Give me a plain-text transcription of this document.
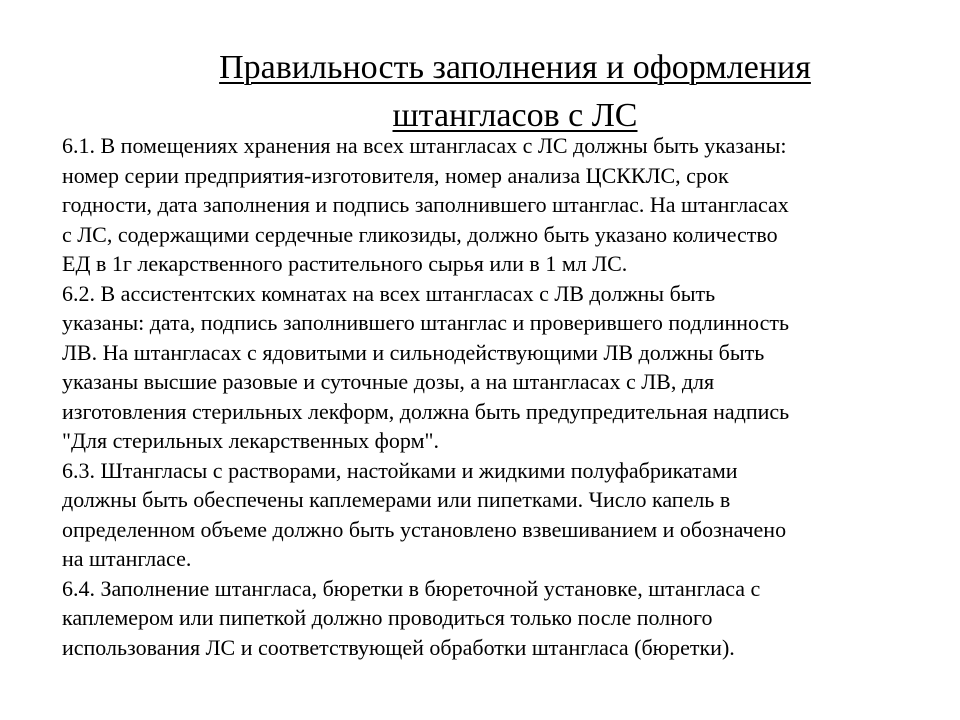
Правильность заполнения и оформления
штангласов с ЛС
6.1. В помещениях хранения на всех штангласах с ЛС должны быть указаны:
номер серии предприятия-изготовителя, номер анализа ЦСККЛС, срок
годности, дата заполнения и подпись заполнившего штанглас. На штангласах
с ЛС, содержащими сердечные гликозиды, должно быть указано количество
ЕД в 1г лекарственного растительного сырья или в 1 мл ЛС.
6.2. В ассистентских комнатах на всех штангласах с ЛВ должны быть
указаны: дата, подпись заполнившего штанглас и проверившего подлинность
ЛВ. На штангласах с ядовитыми и сильнодействующими ЛВ должны быть
указаны высшие разовые и суточные дозы, а на штангласах с ЛВ, для
изготовления стерильных лекформ, должна быть предупредительная надпись
"Для стерильных лекарственных форм".
6.3. Штангласы с растворами, настойками и жидкими полуфабрикатами
должны быть обеспечены каплемерами или пипетками. Число капель в
определенном объеме должно быть установлено взвешиванием и обозначено
на штангласе.
6.4. Заполнение штангласа, бюретки в бюреточной установке, штангласа с
каплемером или пипеткой должно проводиться только после полного
использования ЛС и соответствующей обработки штангласа (бюретки).
